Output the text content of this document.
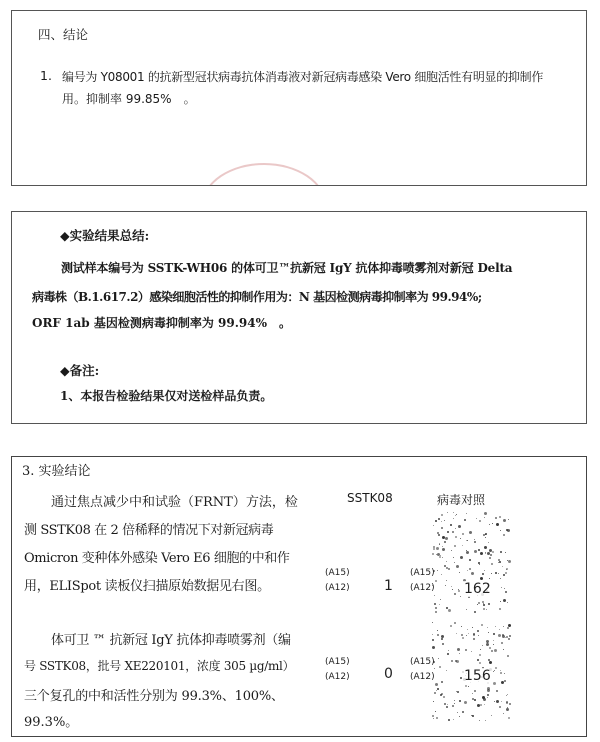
四、结论
1. 编号为 Y08001 的抗新型冠状病毒抗体消毒液对新冠病毒感染 Vero 细胞活性有明显的抑制作
用。抑制率 99.85%　。
◆实验结果总结:
测试样本编号为 SSTK-WH06 的体可卫™抗新冠 IgY 抗体抑毒喷雾剂对新冠 Delta
病毒株（B.1.617.2）感染细胞活性的抑制作用为：N 基因检测病毒抑制率为 99.94%;
ORF 1ab 基因检测病毒抑制率为 99.94%　。
◆备注:
1、本报告检验结果仅对送检样品负责。
3. 实验结论
通过焦点减少中和试验（FRNT）方法，检
测 SSTK08 在 2 倍稀释的情况下对新冠病毒
Omicron 变种体外感染 Vero E6 细胞的中和作
用，ELISpot 读板仪扫描原始数据见右图。
体可卫 ™ 抗新冠 IgY 抗体抑毒喷雾剂（编
号 SSTK08，批号 XE220101，浓度 305 µg/ml）
三个复孔的中和活性分别为 99.3%、100%、
99.3%。
SSTK08	病毒对照
(A15)
(A12)
(A15)
(A12)
(A15)
(A12)
(A15)
(A12)
1
0
162
156
